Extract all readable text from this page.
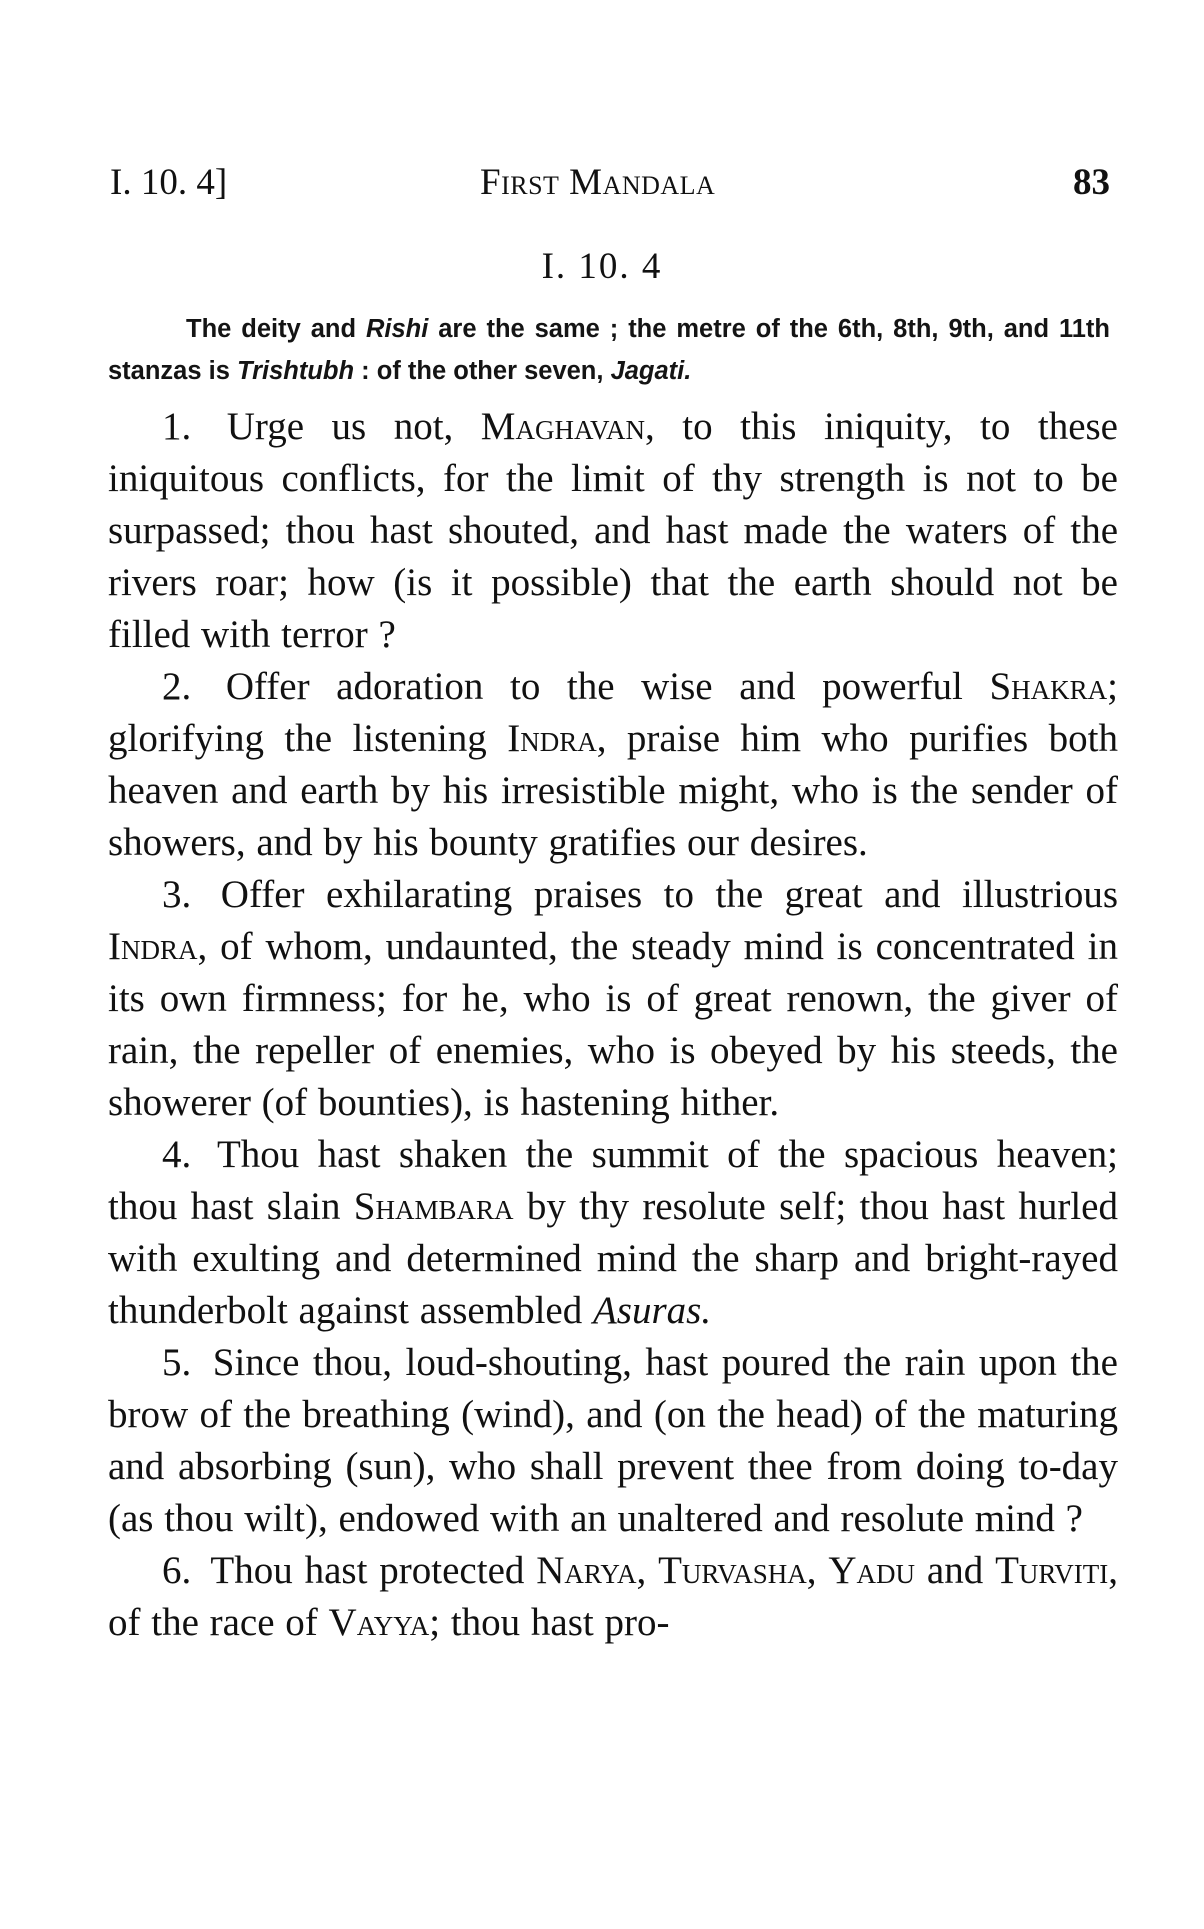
I. 10. 4]	First Mandala	83
I. 10. 4
The deity and Rishi are the same ; the metre of the 6th, 8th, 9th, and 11th stanzas is Trishtubh : of the other seven, Jagati.

1. Urge us not, Maghavan, to this iniquity, to these iniquitous conflicts, for the limit of thy strength is not to be surpassed; thou hast shouted, and hast made the waters of the rivers roar; how (is it possible) that the earth should not be filled with terror ?

2. Offer adoration to the wise and powerful Shakra; glorifying the listening Indra, praise him who purifies both heaven and earth by his irresistible might, who is the sender of showers, and by his bounty gratifies our desires.

3. Offer exhilarating praises to the great and illustrious Indra, of whom, undaunted, the steady mind is concentrated in its own firmness; for he, who is of great renown, the giver of rain, the repeller of enemies, who is obeyed by his steeds, the showerer (of bounties), is hastening hither.

4. Thou hast shaken the summit of the spacious heaven; thou hast slain Shambara by thy resolute self; thou hast hurled with exulting and determined mind the sharp and bright-rayed thunderbolt against assembled Asuras.

5. Since thou, loud-shouting, hast poured the rain upon the brow of the breathing (wind), and (on the head) of the maturing and absorbing (sun), who shall prevent thee from doing to-day (as thou wilt), endowed with an unaltered and resolute mind ?

6. Thou hast protected Narya, Turvasha, Yadu and Turviti, of the race of Vayya; thou hast pro-
